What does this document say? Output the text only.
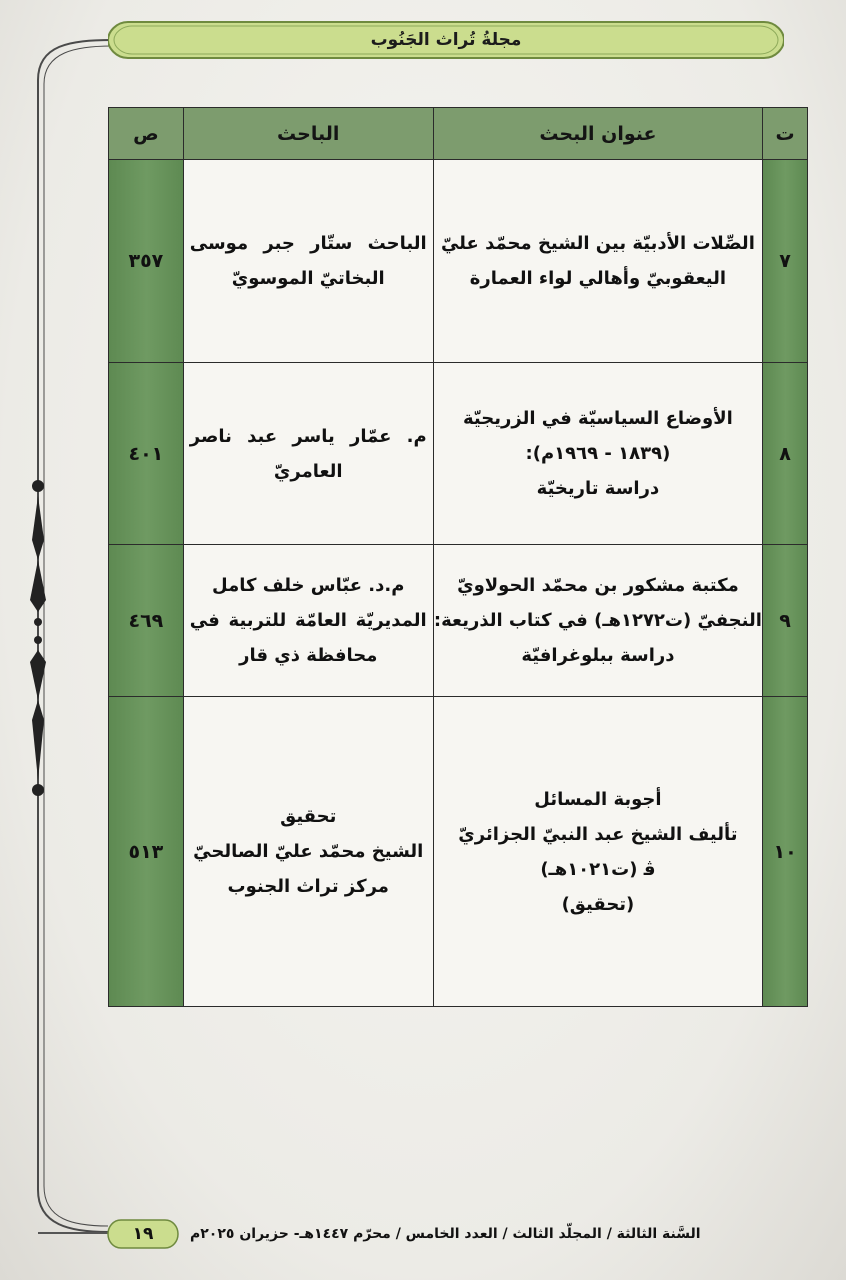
مجلةُ تُراث الجَنُوب
ت	عنوان البحث	الباحث	ص
٧	الصِّلات الأدبيّة بين الشيخ محمّد عليّ
اليعقوبيّ وأهالي لواء العمارة	الباحث ستّار جبر موسى
البخاتيّ الموسويّ	٣٥٧
٨	الأوضاع السياسيّة في الزريجيّة
(١٨٣٩ - ١٩٦٩م):
دراسة تاريخيّة	م. عمّار ياسر عبد ناصر
العامريّ	٤٠١
٩	مكتبة مشكور بن محمّد الحولاويّ
النجفيّ (ت١٢٧٢هـ) في كتاب الذريعة:
دراسة ببلوغرافيّة	م.د. عبّاس خلف كامل
المديريّة العامّة للتربية في
محافظة ذي قار	٤٦٩
١٠	أجوبة المسائل
تأليف الشيخ عبد النبيّ الجزائريّ
ﭬ (ت١٠٢١هـ)
(تحقيق)	تحقيق
الشيخ محمّد عليّ الصالحيّ
مركز تراث الجنوب	٥١٣
١٩	السَّنة الثالثة / المجلّد الثالث / العدد الخامس / محرّم ١٤٤٧هـ- حزيران ٢٠٢٥م
